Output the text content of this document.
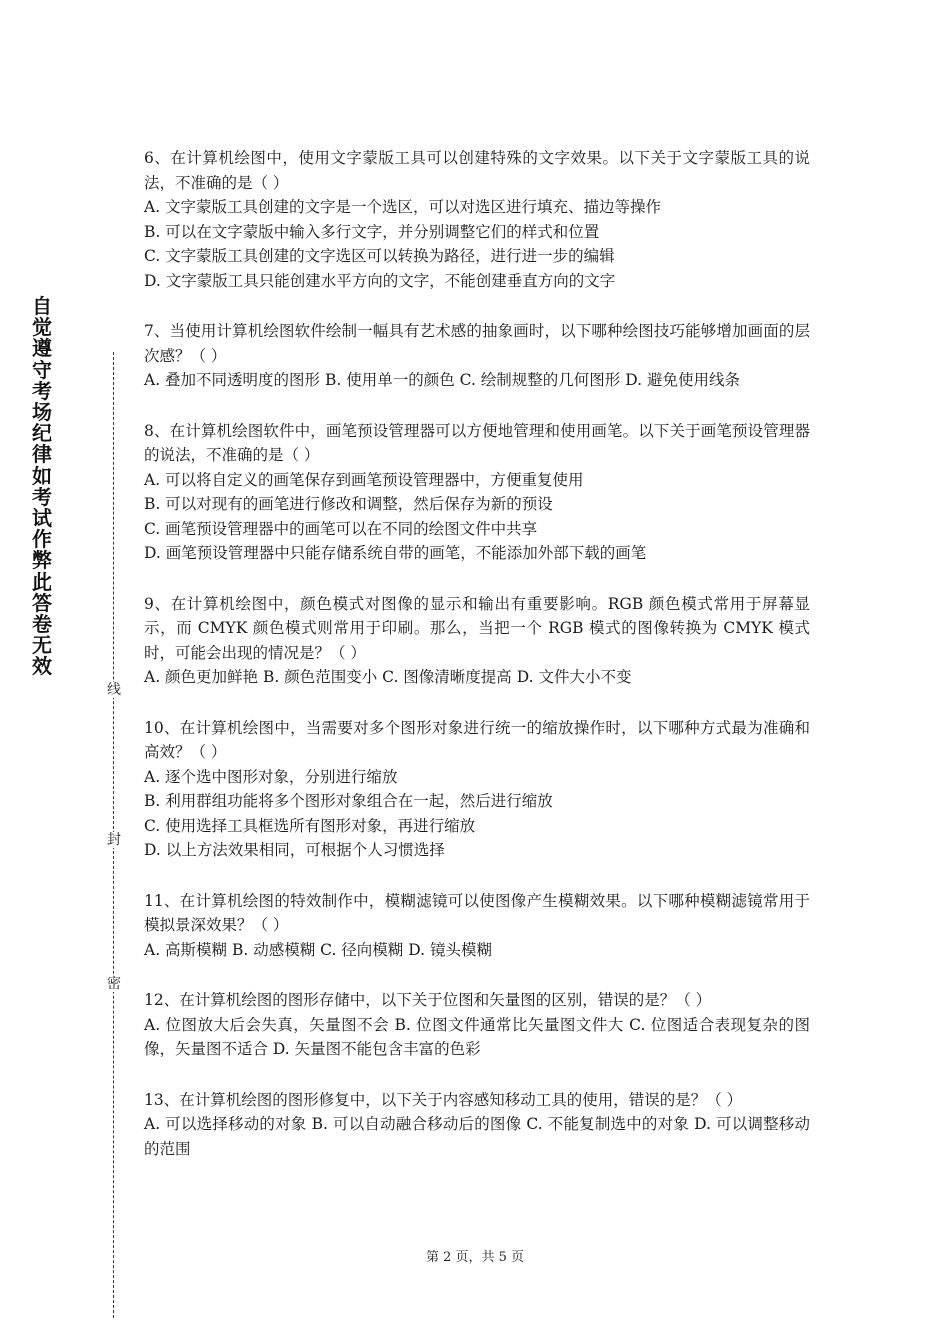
自觉遵守考场纪律如考试作弊此答卷无效
线
封
密

6、在计算机绘图中，使用文字蒙版工具可以创建特殊的文字效果。以下关于文字蒙版工具的说法，不准确的是（ ）

A. 文字蒙版工具创建的文字是一个选区，可以对选区进行填充、描边等操作

B. 可以在文字蒙版中输入多行文字，并分别调整它们的样式和位置

C. 文字蒙版工具创建的文字选区可以转换为路径，进行进一步的编辑

D. 文字蒙版工具只能创建水平方向的文字，不能创建垂直方向的文字

7、当使用计算机绘图软件绘制一幅具有艺术感的抽象画时，以下哪种绘图技巧能够增加画面的层次感？（ ）

A. 叠加不同透明度的图形 B. 使用单一的颜色 C. 绘制规整的几何图形 D. 避免使用线条

8、在计算机绘图软件中，画笔预设管理器可以方便地管理和使用画笔。以下关于画笔预设管理器的说法，不准确的是（ ）

A. 可以将自定义的画笔保存到画笔预设管理器中，方便重复使用

B. 可以对现有的画笔进行修改和调整，然后保存为新的预设

C. 画笔预设管理器中的画笔可以在不同的绘图文件中共享

D. 画笔预设管理器中只能存储系统自带的画笔，不能添加外部下载的画笔

9、在计算机绘图中，颜色模式对图像的显示和输出有重要影响。RGB 颜色模式常用于屏幕显示，而 CMYK 颜色模式则常用于印刷。那么，当把一个 RGB 模式的图像转换为 CMYK 模式时，可能会出现的情况是？（ ）

A. 颜色更加鲜艳 B. 颜色范围变小 C. 图像清晰度提高 D. 文件大小不变

10、在计算机绘图中，当需要对多个图形对象进行统一的缩放操作时，以下哪种方式最为准确和高效？（ ）

A. 逐个选中图形对象，分别进行缩放

B. 利用群组功能将多个图形对象组合在一起，然后进行缩放

C. 使用选择工具框选所有图形对象，再进行缩放

D. 以上方法效果相同，可根据个人习惯选择

11、在计算机绘图的特效制作中，模糊滤镜可以使图像产生模糊效果。以下哪种模糊滤镜常用于模拟景深效果？（ ）

A. 高斯模糊 B. 动感模糊 C. 径向模糊 D. 镜头模糊

12、在计算机绘图的图形存储中，以下关于位图和矢量图的区别，错误的是？（ ）

A. 位图放大后会失真，矢量图不会 B. 位图文件通常比矢量图文件大 C. 位图适合表现复杂的图像，矢量图不适合 D. 矢量图不能包含丰富的色彩

13、在计算机绘图的图形修复中，以下关于内容感知移动工具的使用，错误的是？（ ）

A. 可以选择移动的对象 B. 可以自动融合移动后的图像 C. 不能复制选中的对象 D. 可以调整移动的范围

第 2 页，共 5 页
